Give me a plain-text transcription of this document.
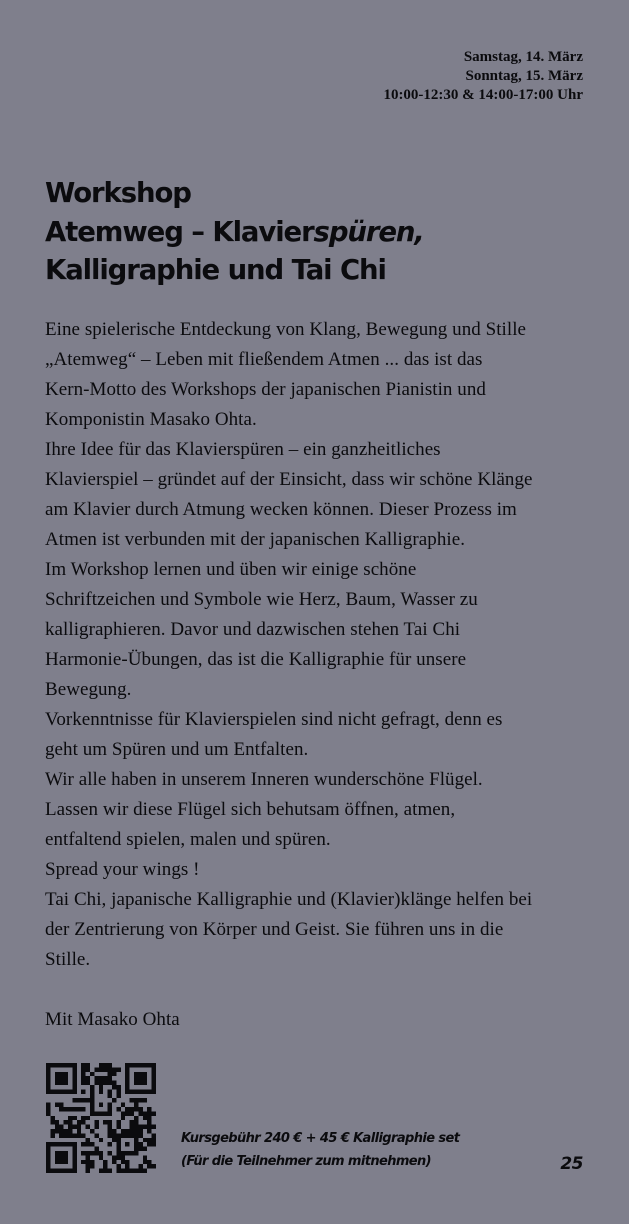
Samstag, 14. März
Sonntag, 15. März
10:00-12:30 & 14:00-17:00 Uhr
Workshop
Atemweg – Klavierspüren,
Kalligraphie und Tai Chi

Eine spielerische Entdeckung von Klang, Bewegung und Stille

„Atemweg“ – Leben mit fließendem Atmen ... das ist das

Kern-Motto des Workshops der japanischen Pianistin und

Komponistin Masako Ohta.

Ihre Idee für das Klavierspüren – ein ganzheitliches

Klavierspiel – gründet auf der Einsicht, dass wir schöne Klänge

am Klavier durch Atmung wecken können. Dieser Prozess im

Atmen ist verbunden mit der japanischen Kalligraphie.

Im Workshop lernen und üben wir einige schöne

Schriftzeichen und Symbole wie Herz, Baum, Wasser zu

kalligraphieren. Davor und dazwischen stehen Tai Chi

Harmonie-Übungen, das ist die Kalligraphie für unsere

Bewegung.

Vorkenntnisse für Klavierspielen sind nicht gefragt, denn es

geht um Spüren und um Entfalten.

Wir alle haben in unserem Inneren wunderschöne Flügel.

Lassen wir diese Flügel sich behutsam öffnen, atmen,

entfaltend spielen, malen und spüren.

Spread your wings !

Tai Chi, japanische Kalligraphie und (Klavier)klänge helfen bei

der Zentrierung von Körper und Geist. Sie führen uns in die

Stille.

Mit Masako Ohta

Kursgebühr 240 € + 45 € Kalligraphie set
(Für die Teilnehmer zum mitnehmen)	25
